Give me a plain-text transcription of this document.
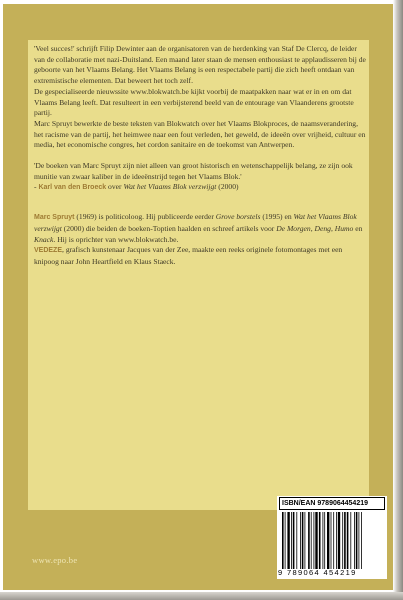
'Veel succes!' schrijft Filip Dewinter aan de organisatoren van de herdenking van Staf De Clercq, de leider van de collaboratie met nazi-Duitsland. Een maand later staan de mensen enthousiast te applaudisseren bij de geboorte van het Vlaams Belang. Het Vlaams Belang is een respectabele partij die zich heeft ontdaan van extremistische elementen. Dat beweert het toch zelf.

De gespecialiseerde nieuwssite www.blokwatch.be kijkt voorbij de maatpakken naar wat er in en om dat Vlaams Belang leeft. Dat resulteert in een verbijsterend beeld van de entourage van Vlaanderens grootste partij.

Marc Spruyt bewerkte de beste teksten van Blokwatch over het Vlaams Blokproces, de naamsverandering, het racisme van de partij, het heimwee naar een fout verleden, het geweld, de ideeën over vrijheid, cultuur en media, het economische congres, het cordon sanitaire en de toekomst van Antwerpen.

'De boeken van Marc Spruyt zijn niet alleen van groot historisch en wetenschappelijk belang, ze zijn ook munitie van zwaar kaliber in de ideeënstrijd tegen het Vlaams Blok.'
- Karl van den Broeck over Wat het Vlaams Blok verzwijgt (2000)

Marc Spruyt (1969) is politicoloog. Hij publiceerde eerder Grove borstels (1995) en Wat het Vlaams Blok verzwijgt (2000) die beiden de boeken-Toptien haalden en schreef artikels voor De Morgen, Deng, Humo en Knack. Hij is oprichter van www.blokwatch.be.

VEDEZE, grafisch kunstenaar Jacques van der Zee, maakte een reeks originele fotomontages met een knipoog naar John Heartfield en Klaus Staeck.

www.epo.be
ISBN/EAN 9789064454219
9 789064 454219
